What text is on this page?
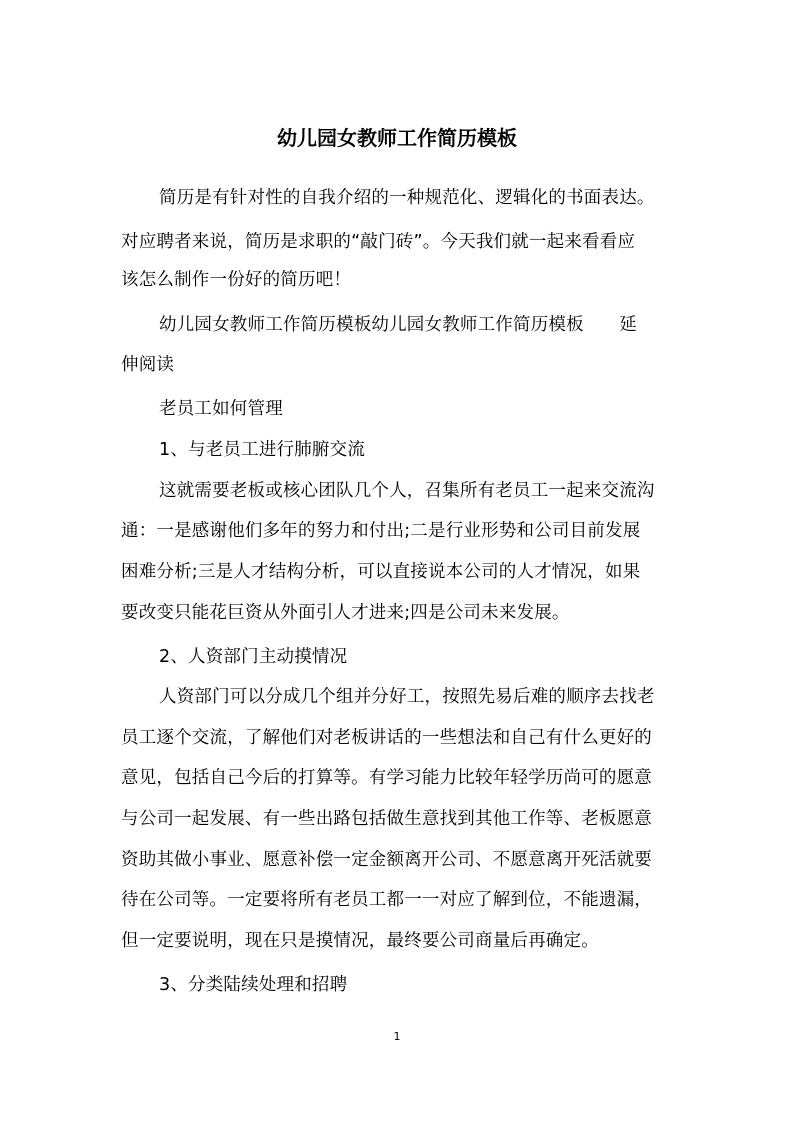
幼儿园女教师工作简历模板
简历是有针对性的自我介绍的一种规范化、逻辑化的书面表达。
对应聘者来说，简历是求职的“敲门砖”。今天我们就一起来看看应
该怎么制作一份好的简历吧！
幼儿园女教师工作简历模板幼儿园女教师工作简历模板　　延
伸阅读
老员工如何管理
1、与老员工进行肺腑交流
这就需要老板或核心团队几个人，召集所有老员工一起来交流沟
通：一是感谢他们多年的努力和付出;二是行业形势和公司目前发展
困难分析;三是人才结构分析，可以直接说本公司的人才情况，如果
要改变只能花巨资从外面引人才进来;四是公司未来发展。
2、人资部门主动摸情况
人资部门可以分成几个组并分好工，按照先易后难的顺序去找老
员工逐个交流，了解他们对老板讲话的一些想法和自己有什么更好的
意见，包括自己今后的打算等。有学习能力比较年轻学历尚可的愿意
与公司一起发展、有一些出路包括做生意找到其他工作等、老板愿意
资助其做小事业、愿意补偿一定金额离开公司、不愿意离开死活就要
待在公司等。一定要将所有老员工都一一对应了解到位，不能遗漏，
但一定要说明，现在只是摸情况，最终要公司商量后再确定。
3、分类陆续处理和招聘
1
